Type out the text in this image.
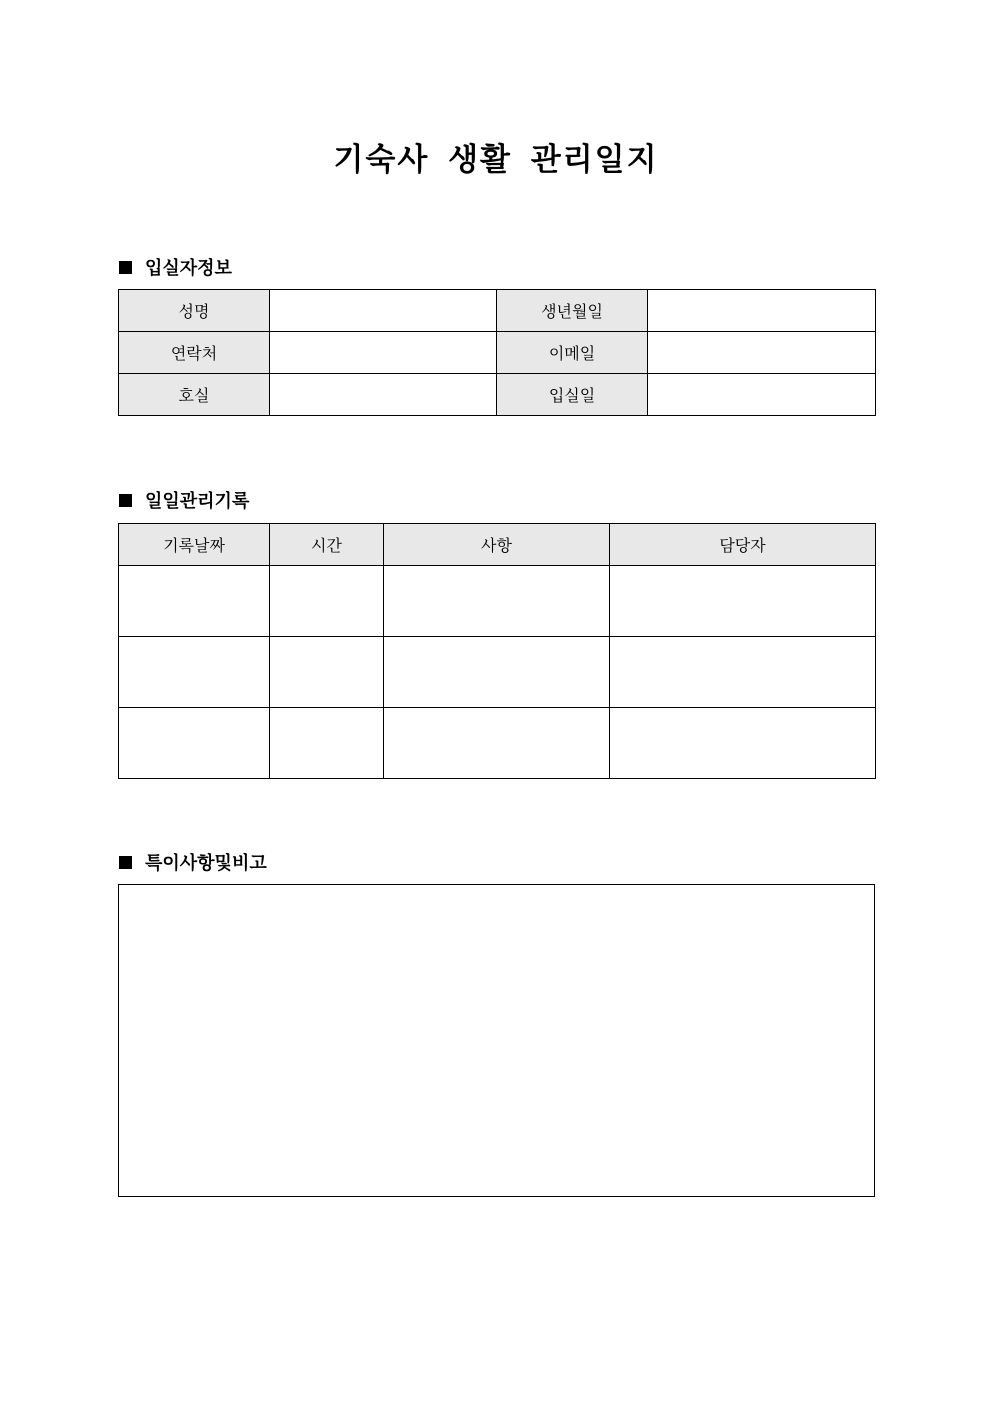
기숙사 생활 관리일지
입실자정보
성명		생년월일	
연락처		이메일	
호실		입실일	
일일관리기록
기록날짜	시간	사항	담당자

특이사항및비고
